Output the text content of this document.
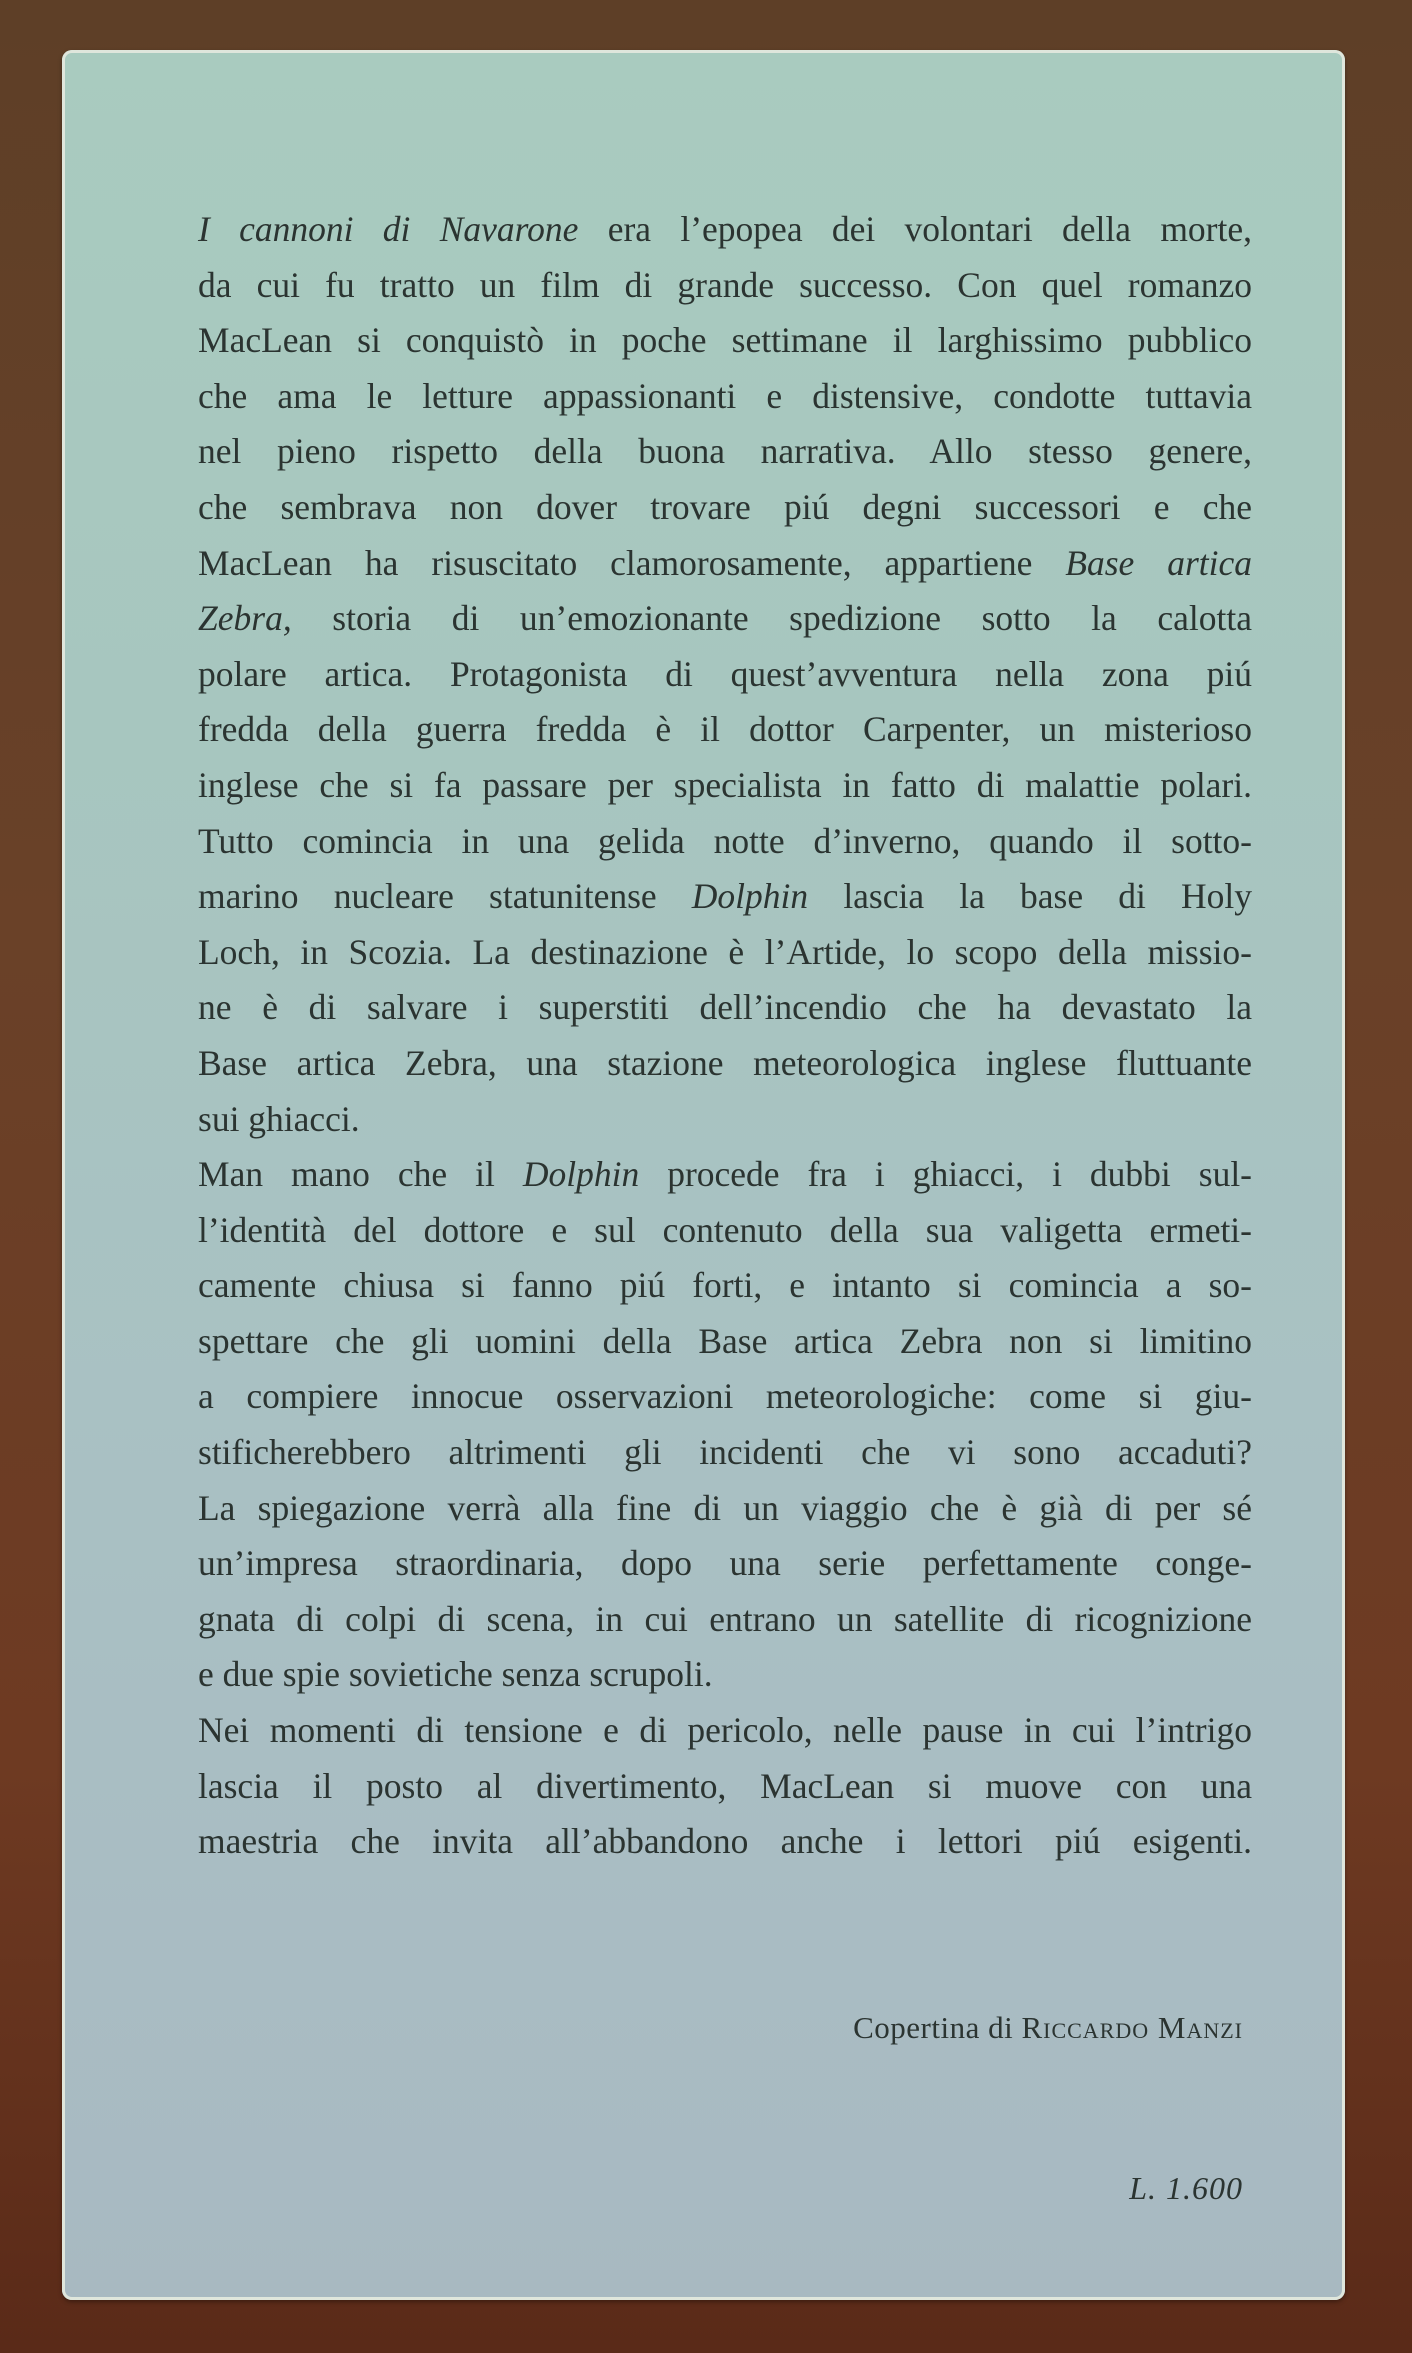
I cannoni di Navarone era l’epopea dei volontari della morte,
da cui fu tratto un film di grande successo. Con quel romanzo
MacLean si conquistò in poche settimane il larghissimo pubblico
che ama le letture appassionanti e distensive, condotte tuttavia
nel pieno rispetto della buona narrativa. Allo stesso genere,
che sembrava non dover trovare piú degni successori e che
MacLean ha risuscitato clamorosamente, appartiene Base artica
Zebra, storia di un’emozionante spedizione sotto la calotta
polare artica. Protagonista di quest’avventura nella zona piú
fredda della guerra fredda è il dottor Carpenter, un misterioso
inglese che si fa passare per specialista in fatto di malattie polari.
Tutto comincia in una gelida notte d’inverno, quando il sotto-
marino nucleare statunitense Dolphin lascia la base di Holy
Loch, in Scozia. La destinazione è l’Artide, lo scopo della missio-
ne è di salvare i superstiti dell’incendio che ha devastato la
Base artica Zebra, una stazione meteorologica inglese fluttuante
sui ghiacci.
Man mano che il Dolphin procede fra i ghiacci, i dubbi sul-
l’identità del dottore e sul contenuto della sua valigetta ermeti-
camente chiusa si fanno piú forti, e intanto si comincia a so-
spettare che gli uomini della Base artica Zebra non si limitino
a compiere innocue osservazioni meteorologiche: come si giu-
stificherebbero altrimenti gli incidenti che vi sono accaduti?
La spiegazione verrà alla fine di un viaggio che è già di per sé
un’impresa straordinaria, dopo una serie perfettamente conge-
gnata di colpi di scena, in cui entrano un satellite di ricognizione
e due spie sovietiche senza scrupoli.
Nei momenti di tensione e di pericolo, nelle pause in cui l’intrigo
lascia il posto al divertimento, MacLean si muove con una
maestria che invita all’abbandono anche i lettori piú esigenti.
Copertina di Riccardo Manzi
L. 1.600
